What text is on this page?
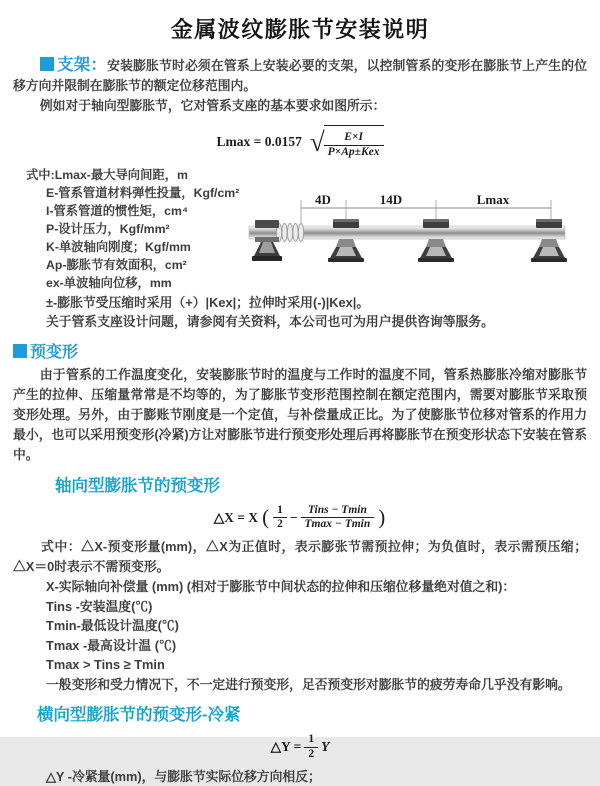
金属波纹膨胀节安装说明

支架：安装膨胀节时必须在管系上安装必要的支架，以控制管系的变形在膨胀节上产生的位移方向并限制在膨胀节的额定位移范围内。

例如对于轴向型膨胀节，它对管系支座的基本要求如图所示：

Lmax = 0.0157 √ $\frac{E\times I}{\text{P×Ap±Kex}}$
式中:Lmax-最大导向间距，m
E-管系管道材料弹性投量，Kgf/cm²
I-管系管道的惯性矩，cm⁴
P-设计压力，Kgf/mm²
K-单波轴向刚度；Kgf/mm
Ap-膨胀节有效面积，cm²
ex-单波轴向位移，mm
4D	14D	Lmax

±-膨胀节受压缩时采用（+）|Kex|；拉伸时采用(-)|Kex|。

关于管系支座设计问题，请参阅有关资料，本公司也可为用户提供咨询等服务。

预变形

由于管系的工作温度变化，安装膨胀节时的温度与工作时的温度不同，管系热膨胀冷缩对膨胀节产生的拉伸、压缩量常常是不均等的，为了膨胀节变形范围控制在额定范围内，需要对膨胀节采取预变形处理。另外，由于膨账节刚度是一个定值，与补偿量成正比。为了使膨胀节位移对管系的作用力最小，也可以采用预变形(冷紧)方让对膨胀节进行预变形处理后再将膨胀节在预变形状态下安装在管系中。

轴向型膨胀节的预变形
△X = X ( $\frac{1}{2} - \frac{\text{Tins − Tmin}}{Tmax - Tmin}$ )

式中：△X-预变形量(mm)，△X为正值时，表示膨张节需预拉伸；为负值时，表示需预压缩；△X＝0时表示不需预变形。

X-实际轴向补偿量 (mm) (相对于膨胀节中间状态的拉伸和压缩位移量绝对值之和)：

Tins -安装温度(℃)

Tmin-最低设计温度(℃)

Tmax -最高设计温 (℃)

Tmax > Tins ≥ Tmin

一般变形和受力情况下，不一定进行预变形，足否预变形对膨胀节的疲劳寿命几乎没有影响。

横向型膨胀节的预变形-冷紧
△Y = $\frac{1}{2}$ Y

△Y -冷紧量(mm)，与膨胀节实际位移方向相反；
